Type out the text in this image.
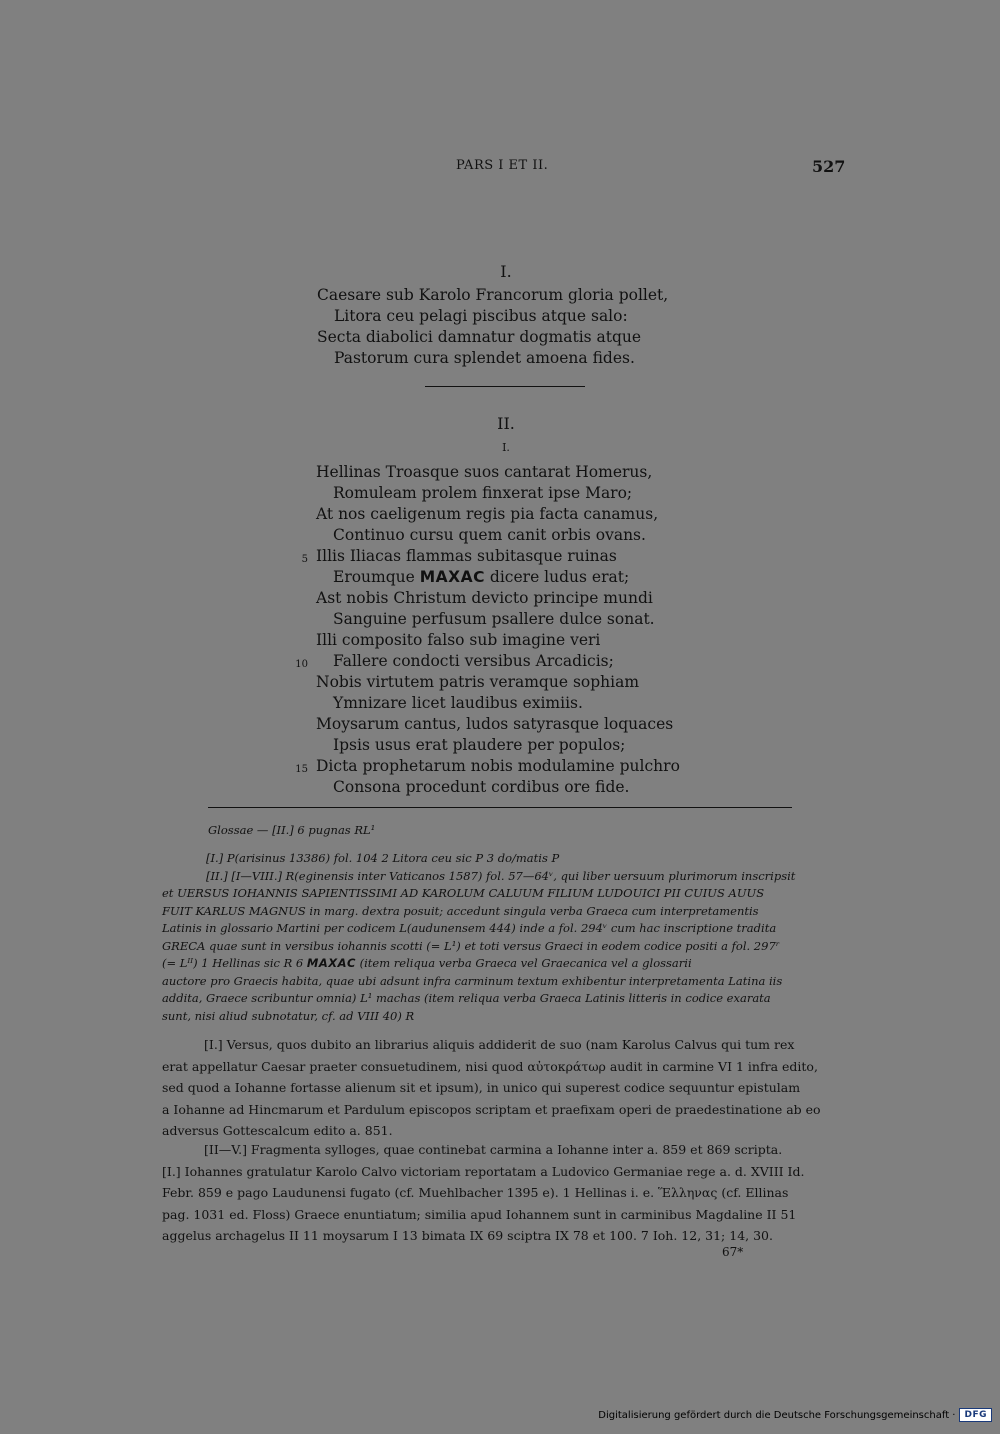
PARS I ET II.	527
I.
Caesare sub Karolo Francorum gloria pollet,
Litora ceu pelagi piscibus atque salo:
Secta diabolici damnatur dogmatis atque
Pastorum cura splendet amoena fides.
II.
I.
Hellinas Troasque suos cantarat Homerus,
Romuleam prolem finxerat ipse Maro;
At nos caeligenum regis pia facta canamus,
Continuo cursu quem canit orbis ovans.
5 Illis Iliacas flammas subitasque ruinas
Eroumque ΜΑΧΑC dicere ludus erat;
Ast nobis Christum devicto principe mundi
Sanguine perfusum psallere dulce sonat.
Illi composito falso sub imagine veri
10 Fallere condocti versibus Arcadicis;
Nobis virtutem patris veramque sophiam
Ymnizare licet laudibus eximiis.
Moysarum cantus, ludos satyrasque loquaces
Ipsis usus erat plaudere per populos;
15 Dicta prophetarum nobis modulamine pulchro
Consona procedunt cordibus ore fide.
Glossae — [II.] 6 pugnas RL¹
[I.] P(arisinus 13386) fol. 104 2 Litora ceu sic P 3 do/matis P
[II.] [I—VIII.] R(eginensis inter Vaticanos 1587) fol. 57—64ᵛ, qui liber uersuum plurimorum inscripsit
et UERSUS IOHANNIS SAPIENTISSIMI AD KAROLUM CALUUM FILIUM LUDOUICI PII CUIUS AUUS
FUIT KARLUS MAGNUS in marg. dextra posuit; accedunt singula verba Graeca cum interpretamentis
Latinis in glossario Martini per codicem L(audunensem 444) inde a fol. 294ᵛ cum hac inscriptione tradita
GRECA quae sunt in versibus iohannis scotti (= L¹) et toti versus Graeci in eodem codice positi a fol. 297ʳ
(= Lᴵᴵ) 1 Hellinas sic R 6 ΜΑΧΑC (item reliqua verba Graeca vel Graecanica vel a glossarii
auctore pro Graecis habita, quae ubi adsunt infra carminum textum exhibentur interpretamenta Latina iis
addita, Graece scribuntur omnia) L¹ machas (item reliqua verba Graeca Latinis litteris in codice exarata
sunt, nisi aliud subnotatur, cf. ad VIII 40) R
[I.] Versus, quos dubito an librarius aliquis addiderit de suo (nam Karolus Calvus qui tum rex
erat appellatur Caesar praeter consuetudinem, nisi quod αὐτοκράτωρ audit in carmine VI 1 infra edito,
sed quod a Iohanne fortasse alienum sit et ipsum), in unico qui superest codice sequuntur epistulam
a Iohanne ad Hincmarum et Pardulum episcopos scriptam et praefixam operi de praedestinatione ab eo
adversus Gottescalcum edito a. 851.
[II—V.] Fragmenta sylloges, quae continebat carmina a Iohanne inter a. 859 et 869 scripta.
[I.] Iohannes gratulatur Karolo Calvo victoriam reportatam a Ludovico Germaniae rege a. d. XVIII Id.
Febr. 859 e pago Laudunensi fugato (cf. Muehlbacher 1395 e). 1 Hellinas i. e. Ἕλληνας (cf. Ellinas
pag. 1031 ed. Floss) Graece enuntiatum; similia apud Iohannem sunt in carminibus Magdaline II 51
aggelus archagelus II 11 moysarum I 13 bimata IX 69 sciptra IX 78 et 100. 7 Ioh. 12, 31; 14, 30.
67*
Digitalisierung gefördert durch die Deutsche Forschungsgemeinschaft ·	DFG
